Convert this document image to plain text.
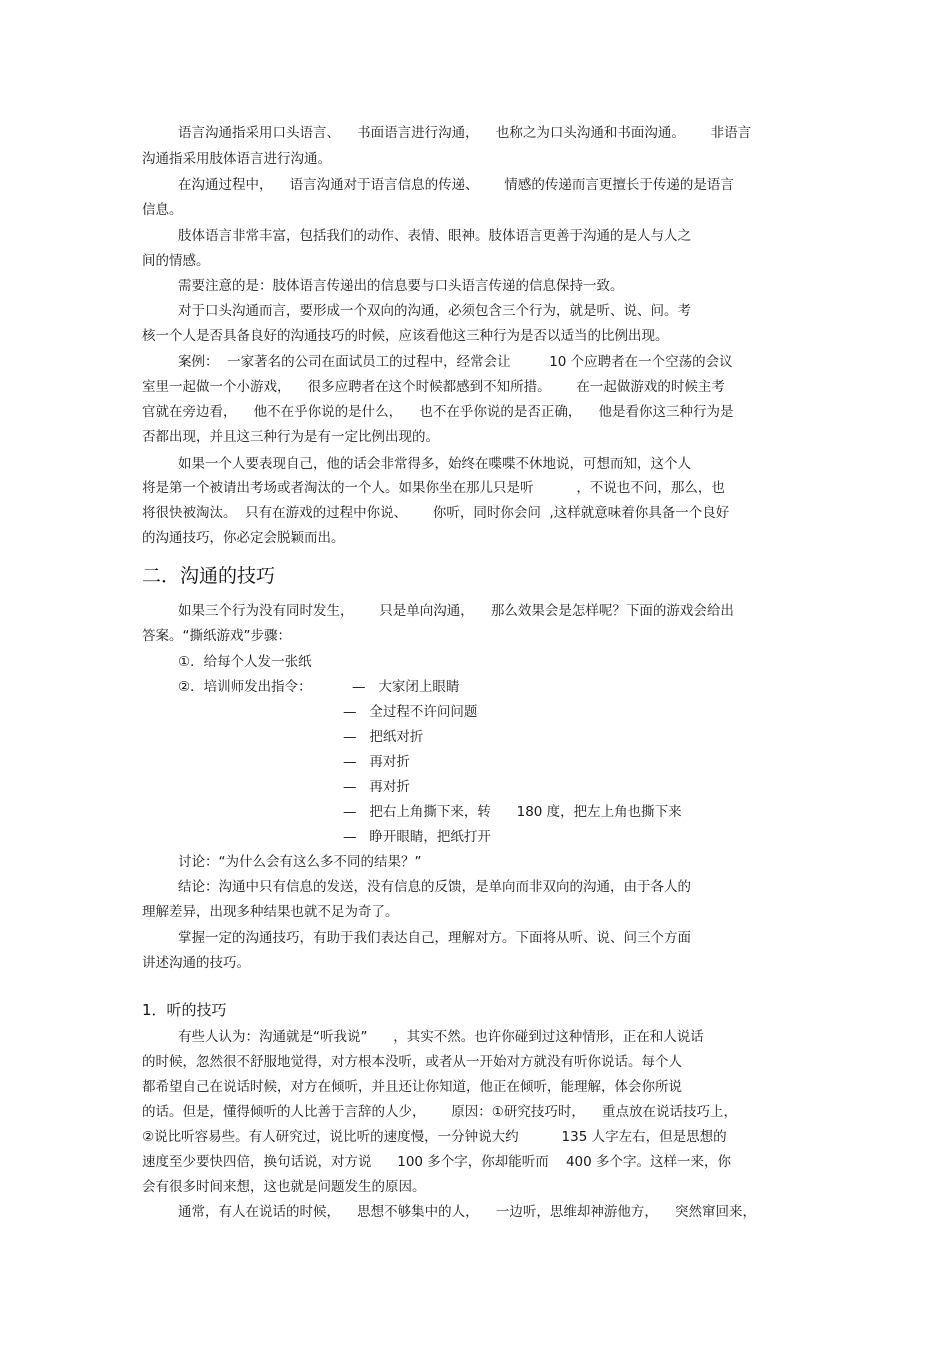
语言沟通指采用口头语言、    书面语言进行沟通，    也称之为口头沟通和书面沟通。      非语言
沟通指采用肢体语言进行沟通。
在沟通过程中，    语言沟通对于语言信息的传递、      情感的传递而言更擅长于传递的是语言
信息。
肢体语言非常丰富，包括我们的动作、表情、眼神。肢体语言更善于沟通的是人与人之
间的情感。
需要注意的是：肢体语言传递出的信息要与口头语言传递的信息保持一致。
对于口头沟通而言，要形成一个双向的沟通，必须包含三个行为，就是听、说、问。考
核一个人是否具备良好的沟通技巧的时候，应该看他这三种行为是否以适当的比例出现。
案例：  一家著名的公司在面试员工的过程中，经常会让         10 个应聘者在一个空荡的会议
室里一起做一个小游戏，    很多应聘者在这个时候都感到不知所措。      在一起做游戏的时候主考
官就在旁边看，    他不在乎你说的是什么，    也不在乎你说的是否正确，    他是看你这三种行为是
否都出现，并且这三种行为是有一定比例出现的。
如果一个人要表现自己，他的话会非常得多，始终在喋喋不休地说，可想而知，这个人
将是第一个被请出考场或者淘汰的一个人。如果你坐在那儿只是听          ，不说也不问，那么，也
将很快被淘汰。  只有在游戏的过程中你说、      你听，同时你会问  ,这样就意味着你具备一个良好
的沟通技巧，你必定会脱颖而出。
二．沟通的技巧
如果三个行为没有同时发生，      只是单向沟通，    那么效果会是怎样呢？下面的游戏会给出
答案。“撕纸游戏”步骤：
①．给每个人发一张纸
②．培训师发出指令：	—   大家闭上眼睛
—   全过程不许问问题
—   把纸对折
—   再对折
—   再对折
—   把右上角撕下来，转      180 度，把左上角也撕下来
—   睁开眼睛，把纸打开
讨论：“为什么会有这么多不同的结果？”
结论：沟通中只有信息的发送，没有信息的反馈，是单向而非双向的沟通，由于各人的
理解差异，出现多种结果也就不足为奇了。
掌握一定的沟通技巧，有助于我们表达自己，理解对方。下面将从听、说、问三个方面
讲述沟通的技巧。
1．听的技巧
有些人认为：沟通就是“听我说”      ，其实不然。也许你碰到过这种情形，正在和人说话
的时候，忽然很不舒服地觉得，对方根本没听，或者从一开始对方就没有听你说话。每个人
都希望自己在说话时候，对方在倾听，并且还让你知道，他正在倾听，能理解，体会你所说
的话。但是，懂得倾听的人比善于言辞的人少，      原因：①研究技巧时，    重点放在说话技巧上，
②说比听容易些。有人研究过，说比听的速度慢，一分钟说大约          135 人字左右，但是思想的
速度至少要快四倍，换句话说，对方说      100 多个字，你却能听而    400 多个字。这样一来，你
会有很多时间来想，这也就是问题发生的原因。
通常，有人在说话的时候，    思想不够集中的人，    一边听，思维却神游他方，    突然窜回来，
